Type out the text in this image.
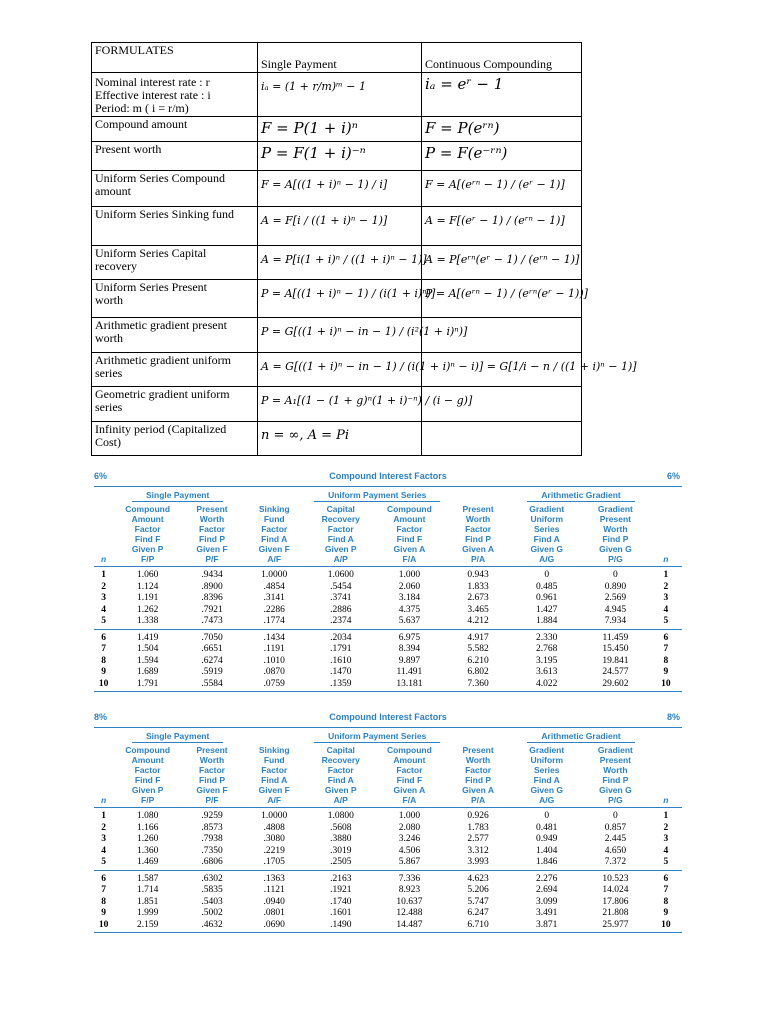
FORMULATES	Single Payment	Continuous Compounding

Nominal interest rate : r
Effective interest rate : i
Period: m ( i = r/m)	iₐ = (1 + r/m)ᵐ − 1	iₐ = eʳ − 1

Compound amount	F = P(1 + i)ⁿ	F = P(eʳⁿ)

Present worth	P = F(1 + i)⁻ⁿ	P = F(e⁻ʳⁿ)

Uniform Series Compound
amount	F = A[((1 + i)ⁿ − 1) / i]	F = A[(eʳⁿ − 1) / (eʳ − 1)]

Uniform Series Sinking fund	A = F[i / ((1 + i)ⁿ − 1)]	A = F[(eʳ − 1) / (eʳⁿ − 1)]

Uniform Series Capital
recovery	A = P[i(1 + i)ⁿ / ((1 + i)ⁿ − 1)]	A = P[eʳⁿ(eʳ − 1) / (eʳⁿ − 1)]

Uniform Series Present
worth	P = A[((1 + i)ⁿ − 1) / (i(1 + i)ⁿ)]	P = A[(eʳⁿ − 1) / (eʳⁿ(eʳ − 1))]

Arithmetic gradient present
worth	P = G[((1 + i)ⁿ − in − 1) / (i²(1 + i)ⁿ)]	

Arithmetic gradient uniform
series	A = G[((1 + i)ⁿ − in − 1) / (i(1 + i)ⁿ − i)] = G[1/i − n / ((1 + i)ⁿ − 1)]	

Geometric gradient uniform
series	P = A₁[(1 − (1 + g)ⁿ(1 + i)⁻ⁿ) / (i − g)]	

Infinity period (Capitalized
Cost)	n = ∞, A = Pi	

6%	Compound Interest Factors	6%
	Single Payment		Uniform Payment Series				Arithmetic Gradient		
	Compound	Present	Sinking	Capital	Compound	Present	Gradient	Gradient	
	Amount	Worth	Fund	Recovery	Amount	Worth	Uniform	Present	
	Factor	Factor	Factor	Factor	Factor	Factor	Series	Worth	
	Find F	Find P	Find A	Find A	Find F	Find P	Find A	Find P	
	Given P	Given F	Given F	Given P	Given A	Given A	Given G	Given G	
n	F/P	P/F	A/F	A/P	F/A	P/A	A/G	P/G	n
1	1.060	.9434	1.0000	1.0600	1.000	0.943	0	0	1
2	1.124	.8900	.4854	.5454	2.060	1.833	0.485	0.890	2
3	1.191	.8396	.3141	.3741	3.184	2.673	0.961	2.569	3
4	1.262	.7921	.2286	.2886	4.375	3.465	1.427	4.945	4
5	1.338	.7473	.1774	.2374	5.637	4.212	1.884	7.934	5
6	1.419	.7050	.1434	.2034	6.975	4.917	2.330	11.459	6
7	1.504	.6651	.1191	.1791	8.394	5.582	2.768	15.450	7
8	1.594	.6274	.1010	.1610	9.897	6.210	3.195	19.841	8
9	1.689	.5919	.0870	.1470	11.491	6.802	3.613	24.577	9
10	1.791	.5584	.0759	.1359	13.181	7.360	4.022	29.602	10
8%	Compound Interest Factors	8%
	Single Payment		Uniform Payment Series				Arithmetic Gradient		
	Compound	Present	Sinking	Capital	Compound	Present	Gradient	Gradient	
	Amount	Worth	Fund	Recovery	Amount	Worth	Uniform	Present	
	Factor	Factor	Factor	Factor	Factor	Factor	Series	Worth	
	Find F	Find P	Find A	Find A	Find F	Find P	Find A	Find P	
	Given P	Given F	Given F	Given P	Given A	Given A	Given G	Given G	
n	F/P	P/F	A/F	A/P	F/A	P/A	A/G	P/G	n
1	1.080	.9259	1.0000	1.0800	1.000	0.926	0	0	1
2	1.166	.8573	.4808	.5608	2.080	1.783	0.481	0.857	2
3	1.260	.7938	.3080	.3880	3.246	2.577	0.949	2.445	3
4	1.360	.7350	.2219	.3019	4.506	3.312	1.404	4.650	4
5	1.469	.6806	.1705	.2505	5.867	3.993	1.846	7.372	5
6	1.587	.6302	.1363	.2163	7.336	4.623	2.276	10.523	6
7	1.714	.5835	.1121	.1921	8.923	5.206	2.694	14.024	7
8	1.851	.5403	.0940	.1740	10.637	5.747	3.099	17.806	8
9	1.999	.5002	.0801	.1601	12.488	6.247	3.491	21.808	9
10	2.159	.4632	.0690	.1490	14.487	6.710	3.871	25.977	10
